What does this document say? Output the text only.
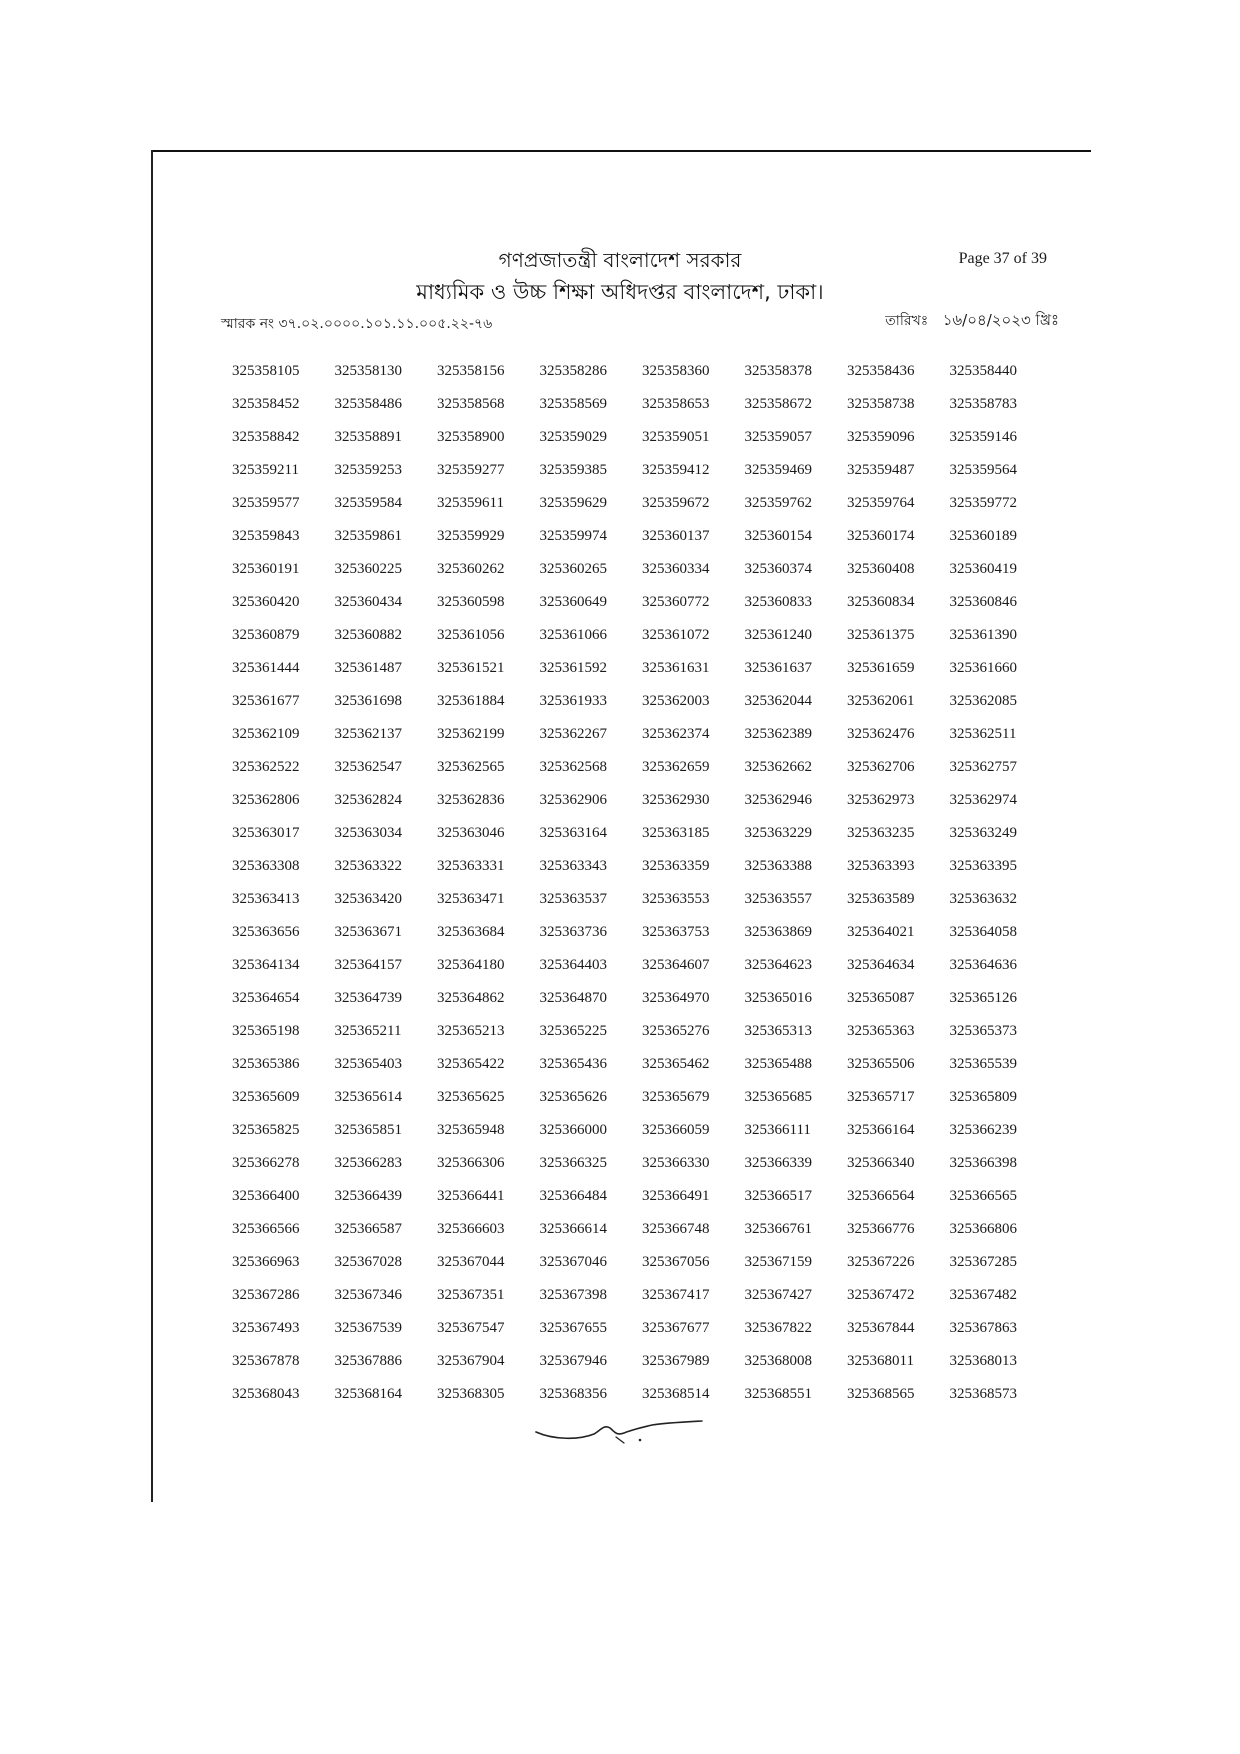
গণপ্রজাতন্ত্রী বাংলাদেশ সরকার
মাধ্যমিক ও উচ্চ শিক্ষা অধিদপ্তর বাংলাদেশ, ঢাকা।
Page 37 of 39
স্মারক নং ৩৭.০২.০০০০.১০১.১১.০০৫.২২-৭৬	তারিখঃ ১৬/০৪/২০২৩ খ্রিঃ
325358105	325358130	325358156	325358286	325358360	325358378	325358436	325358440
325358452	325358486	325358568	325358569	325358653	325358672	325358738	325358783
325358842	325358891	325358900	325359029	325359051	325359057	325359096	325359146
325359211	325359253	325359277	325359385	325359412	325359469	325359487	325359564
325359577	325359584	325359611	325359629	325359672	325359762	325359764	325359772
325359843	325359861	325359929	325359974	325360137	325360154	325360174	325360189
325360191	325360225	325360262	325360265	325360334	325360374	325360408	325360419
325360420	325360434	325360598	325360649	325360772	325360833	325360834	325360846
325360879	325360882	325361056	325361066	325361072	325361240	325361375	325361390
325361444	325361487	325361521	325361592	325361631	325361637	325361659	325361660
325361677	325361698	325361884	325361933	325362003	325362044	325362061	325362085
325362109	325362137	325362199	325362267	325362374	325362389	325362476	325362511
325362522	325362547	325362565	325362568	325362659	325362662	325362706	325362757
325362806	325362824	325362836	325362906	325362930	325362946	325362973	325362974
325363017	325363034	325363046	325363164	325363185	325363229	325363235	325363249
325363308	325363322	325363331	325363343	325363359	325363388	325363393	325363395
325363413	325363420	325363471	325363537	325363553	325363557	325363589	325363632
325363656	325363671	325363684	325363736	325363753	325363869	325364021	325364058
325364134	325364157	325364180	325364403	325364607	325364623	325364634	325364636
325364654	325364739	325364862	325364870	325364970	325365016	325365087	325365126
325365198	325365211	325365213	325365225	325365276	325365313	325365363	325365373
325365386	325365403	325365422	325365436	325365462	325365488	325365506	325365539
325365609	325365614	325365625	325365626	325365679	325365685	325365717	325365809
325365825	325365851	325365948	325366000	325366059	325366111	325366164	325366239
325366278	325366283	325366306	325366325	325366330	325366339	325366340	325366398
325366400	325366439	325366441	325366484	325366491	325366517	325366564	325366565
325366566	325366587	325366603	325366614	325366748	325366761	325366776	325366806
325366963	325367028	325367044	325367046	325367056	325367159	325367226	325367285
325367286	325367346	325367351	325367398	325367417	325367427	325367472	325367482
325367493	325367539	325367547	325367655	325367677	325367822	325367844	325367863
325367878	325367886	325367904	325367946	325367989	325368008	325368011	325368013
325368043	325368164	325368305	325368356	325368514	325368551	325368565	325368573
